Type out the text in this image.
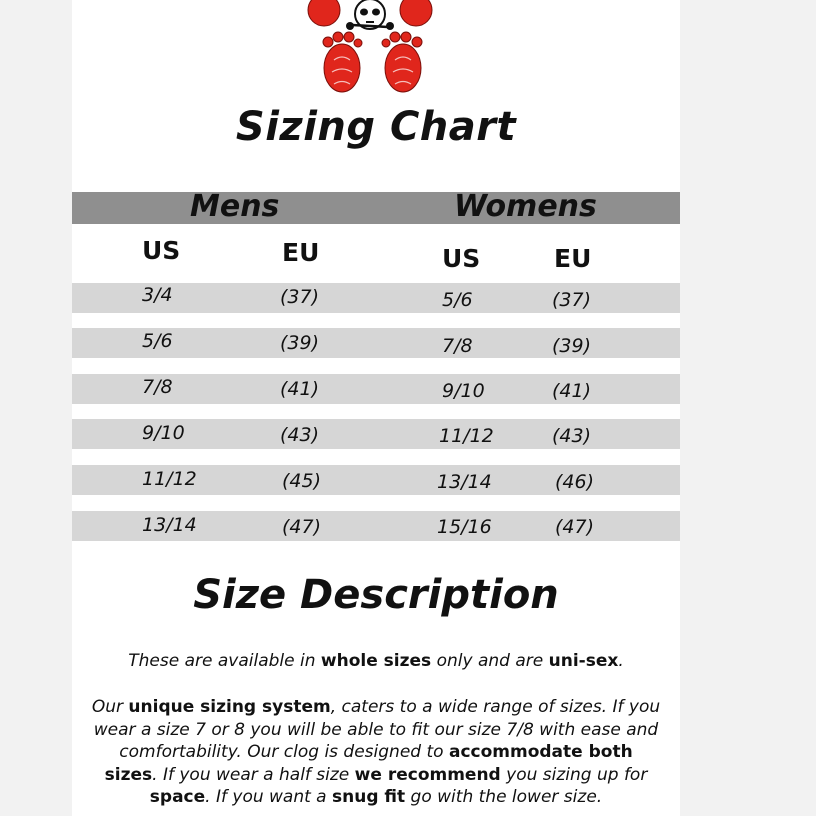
Sizing Chart
Mens	Womens
US	EU	US	EU
3/4	(37)	5/6	(37)
5/6	(39)	7/8	(39)
7/8	(41)	9/10	(41)
9/10	(43)	11/12	(43)
11/12	(45)	13/14	(46)
13/14	(47)	15/16	(47)
Size Description
These are available in whole sizes only and are uni-sex.
Our unique sizing system, caters to a wide range of sizes. If you wear a size 7 or 8 you will be able to fit our size 7/8 with ease and comfortability. Our clog is designed to accommodate both sizes. If you wear a half size we recommend you sizing up for space. If you want a snug fit go with the lower size.
